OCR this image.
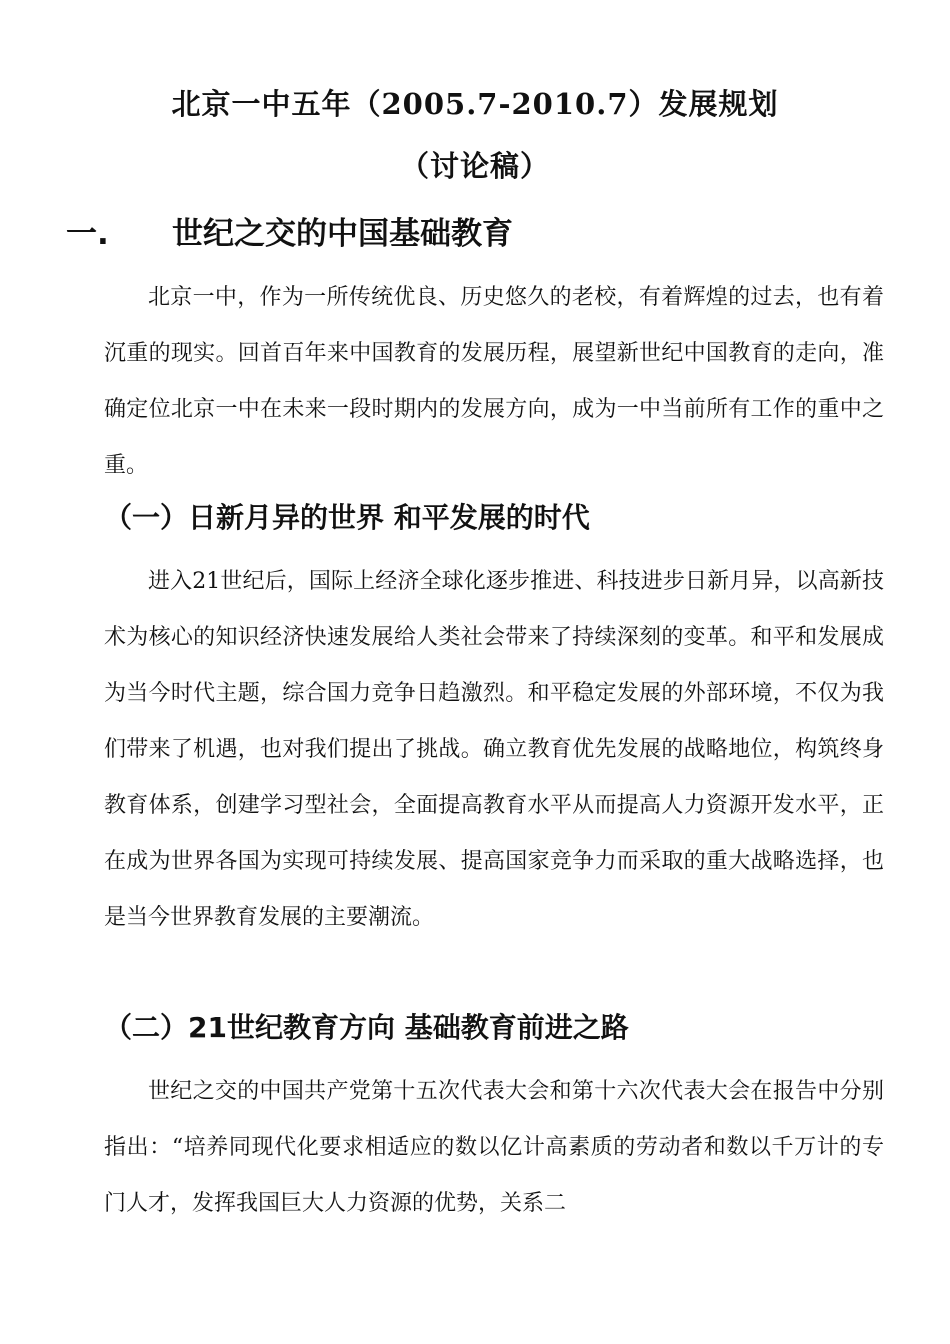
北京一中五年（2005.7-2010.7）发展规划
（讨论稿）
一. 世纪之交的中国基础教育

北京一中，作为一所传统优良、历史悠久的老校，有着辉煌的过去，也有着沉重的现实。回首百年来中国教育的发展历程，展望新世纪中国教育的走向，准确定位北京一中在未来一段时期内的发展方向，成为一中当前所有工作的重中之重。

（一）日新月异的世界 和平发展的时代

进入21世纪后，国际上经济全球化逐步推进、科技进步日新月异，以高新技术为核心的知识经济快速发展给人类社会带来了持续深刻的变革。和平和发展成为当今时代主题，综合国力竞争日趋激烈。和平稳定发展的外部环境，不仅为我们带来了机遇，也对我们提出了挑战。确立教育优先发展的战略地位，构筑终身教育体系，创建学习型社会，全面提高教育水平从而提高人力资源开发水平，正在成为世界各国为实现可持续发展、提高国家竞争力而采取的重大战略选择，也是当今世界教育发展的主要潮流。

（二）21世纪教育方向 基础教育前进之路

世纪之交的中国共产党第十五次代表大会和第十六次代表大会在报告中分别指出：“培养同现代化要求相适应的数以亿计高素质的劳动者和数以千万计的专门人才，发挥我国巨大人力资源的优势，关系二
